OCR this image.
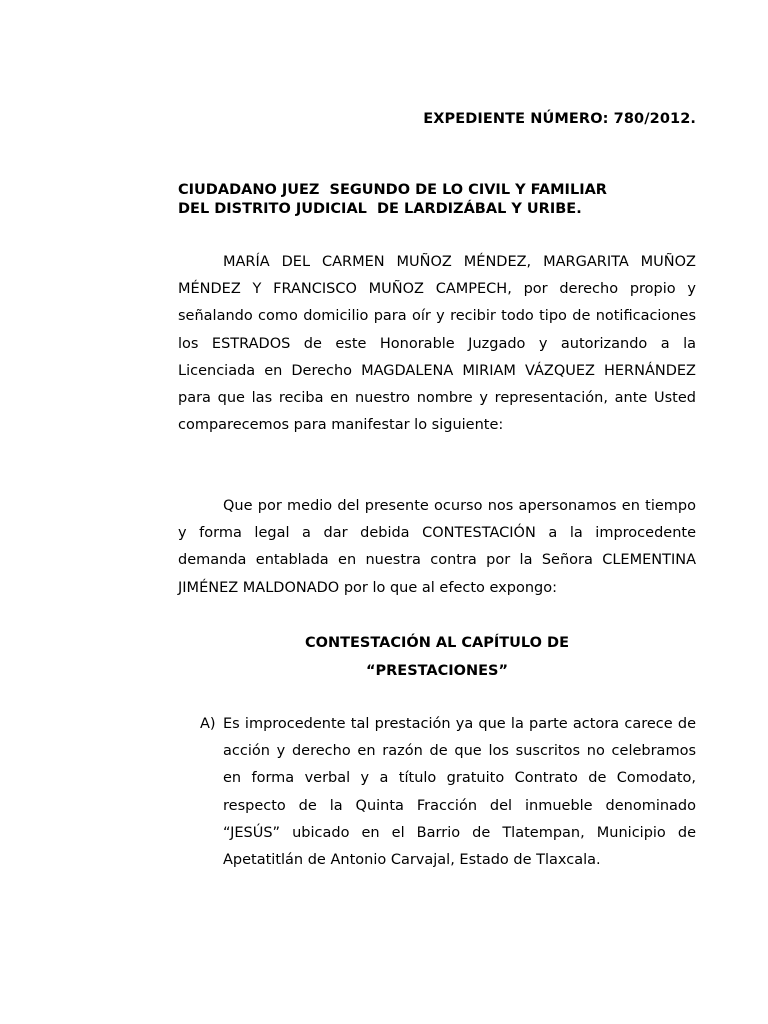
EXPEDIENTE NÚMERO: 780/2012.
CIUDADANO JUEZ  SEGUNDO DE LO CIVIL Y FAMILIAR
DEL DISTRITO JUDICIAL  DE LARDIZÁBAL Y URIBE.

MARÍA DEL CARMEN MUÑOZ MÉNDEZ, MARGARITA MUÑOZ MÉNDEZ Y FRANCISCO MUÑOZ CAMPECH, por derecho propio y señalando como domicilio para oír y recibir todo tipo de notificaciones los ESTRADOS de este Honorable Juzgado y autorizando a la Licenciada en Derecho MAGDALENA MIRIAM VÁZQUEZ HERNÁNDEZ para que las reciba en nuestro nombre y representación, ante Usted comparecemos para manifestar lo siguiente:

Que por medio del presente ocurso nos apersonamos en tiempo y forma legal a dar debida CONTESTACIÓN a la improcedente demanda entablada en nuestra contra por la Señora CLEMENTINA JIMÉNEZ MALDONADO por lo que al efecto expongo:

CONTESTACIÓN AL CAPÍTULO DE
“PRESTACIONES”
A) Es improcedente tal prestación ya que la parte actora carece de acción y derecho en razón de que los suscritos no celebramos en forma verbal y a título gratuito Contrato de Comodato, respecto de la Quinta Fracción del inmueble denominado “JESÚS” ubicado en el Barrio de Tlatempan, Municipio de Apetatitlán de Antonio Carvajal, Estado de Tlaxcala.
